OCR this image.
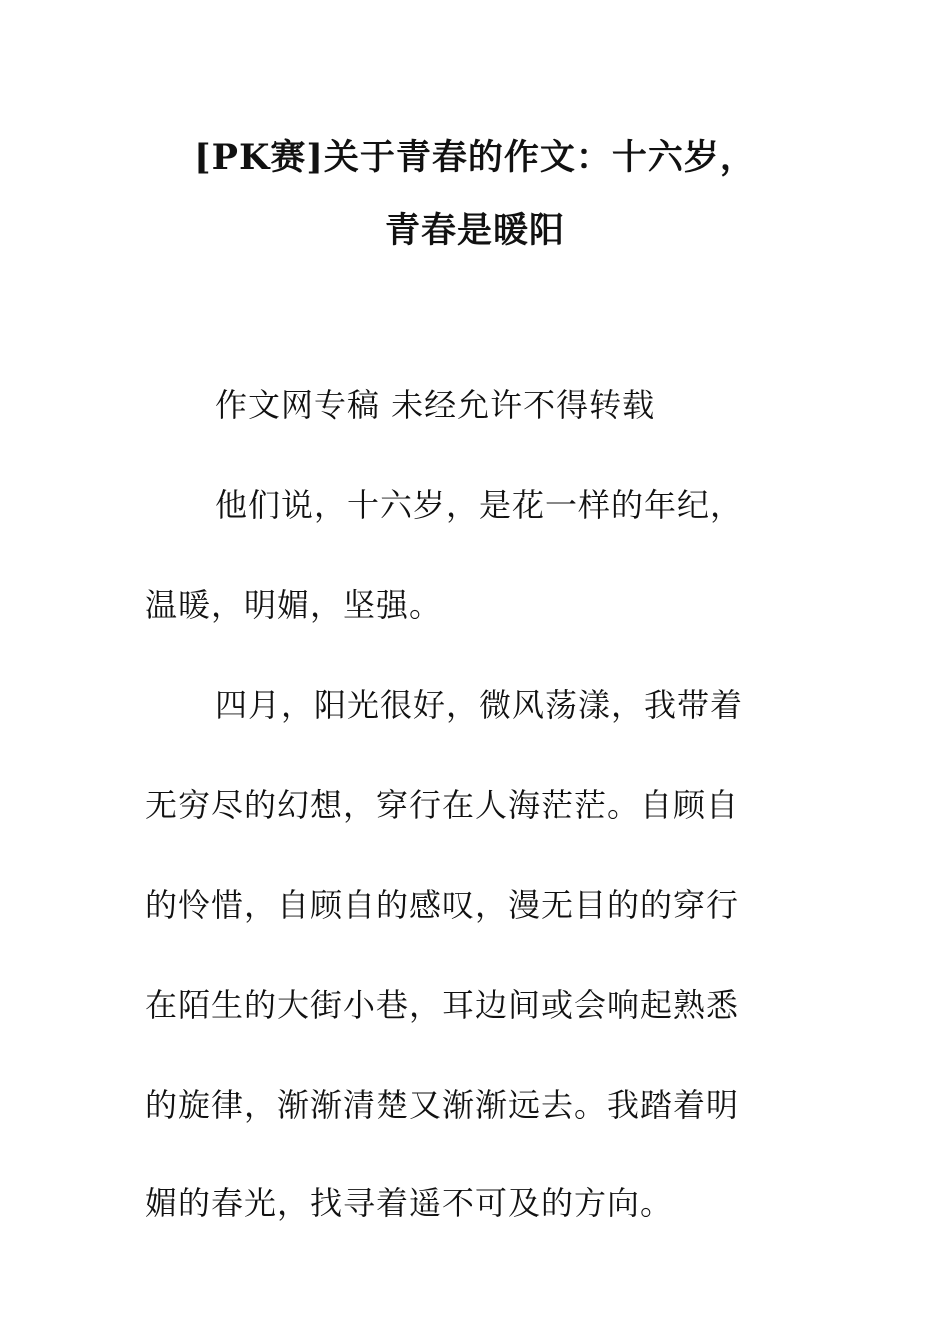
[PK赛]关于青春的作文：十六岁，
青春是暖阳
作文网专稿 未经允许不得转载
他们说，十六岁，是花一样的年纪，
温暖，明媚，坚强。
四月，阳光很好，微风荡漾，我带着
无穷尽的幻想，穿行在人海茫茫。自顾自
的怜惜，自顾自的感叹，漫无目的的穿行
在陌生的大街小巷，耳边间或会响起熟悉
的旋律，渐渐清楚又渐渐远去。我踏着明
媚的春光，找寻着遥不可及的方向。
